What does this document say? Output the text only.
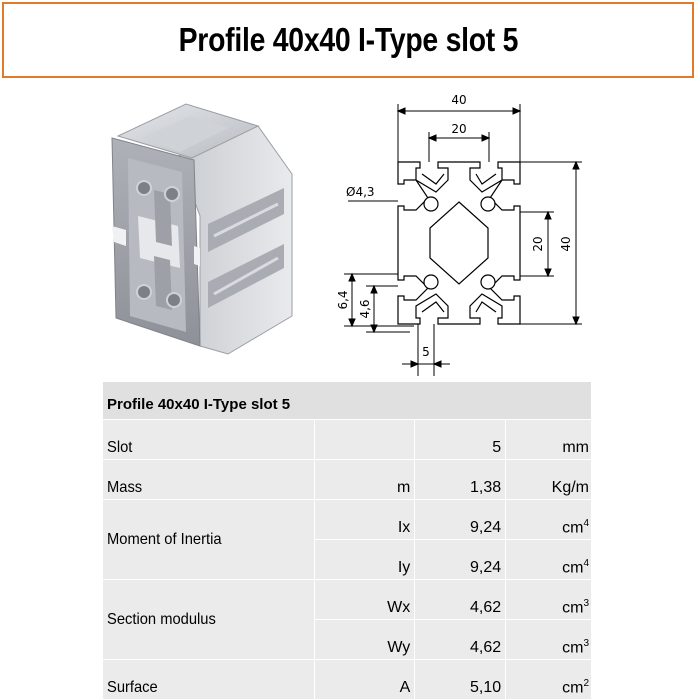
Profile 40x40 I-Type slot 5
40
20
Ø4,3
20 40
6,4 4,6
5
Profile 40x40 I-Type slot 5			
Slot		5	mm
Mass	m	1,38	Kg/m
Moment of Inertia	Ix	9,24	$cm^4$
	Iy	9,24	$cm^4$
Section modulus	Wx	4,62	$cm^3$
	Wy	4,62	$cm^3$
Surface	A	5,10	$cm^2$
